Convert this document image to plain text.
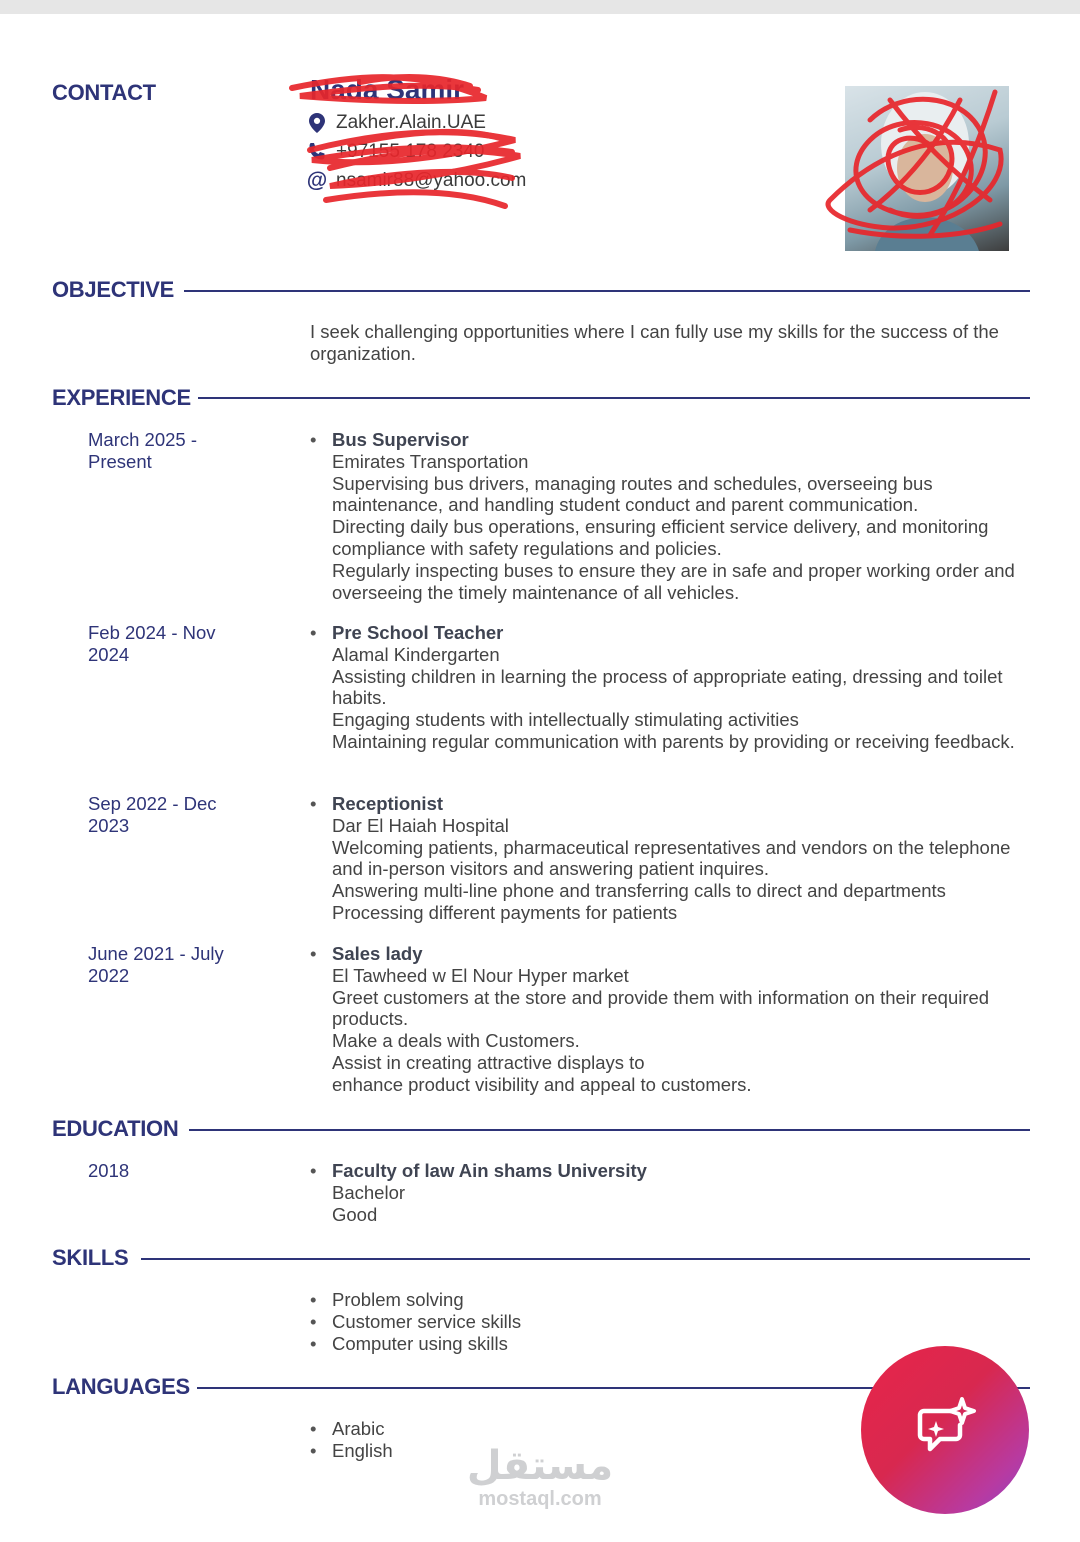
CONTACT	Nada Samir
Zakher.Alain.UAE
+97155 178 2340
@ nsamir88@yahoo.com
OBJECTIVE
I seek challenging opportunities where I can fully use my skills for the success of the organization.
EXPERIENCE
March 2025 - Present
• Bus Supervisor
Emirates Transportation
Supervising bus drivers, managing routes and schedules, overseeing bus maintenance, and handling student conduct and parent communication.
Directing daily bus operations, ensuring efficient service delivery, and monitoring compliance with safety regulations and policies.
Regularly inspecting buses to ensure they are in safe and proper working order and overseeing the timely maintenance of all vehicles.
Feb 2024 - Nov 2024
• Pre School Teacher
Alamal Kindergarten
Assisting children in learning the process of appropriate eating, dressing and toilet habits.
Engaging students with intellectually stimulating activities
Maintaining regular communication with parents by providing or receiving feedback.
Sep 2022 - Dec 2023
• Receptionist
Dar El Haiah Hospital
Welcoming patients, pharmaceutical representatives and vendors on the telephone and in-person visitors and answering patient inquires.
Answering multi-line phone and transferring calls to direct and departments
Processing different payments for patients
June 2021 - July 2022
• Sales lady
El Tawheed w El Nour Hyper market
Greet customers at the store and provide them with information on their required products.
Make a deals with Customers.
Assist in creating attractive displays to
enhance product visibility and appeal to customers.
EDUCATION
2018
•	Faculty of law Ain shams University
Bachelor
Good
SKILLS
• Problem solving
• Customer service skills
• Computer using skills
LANGUAGES
• Arabic
• English	مستقل
mostaql.com
